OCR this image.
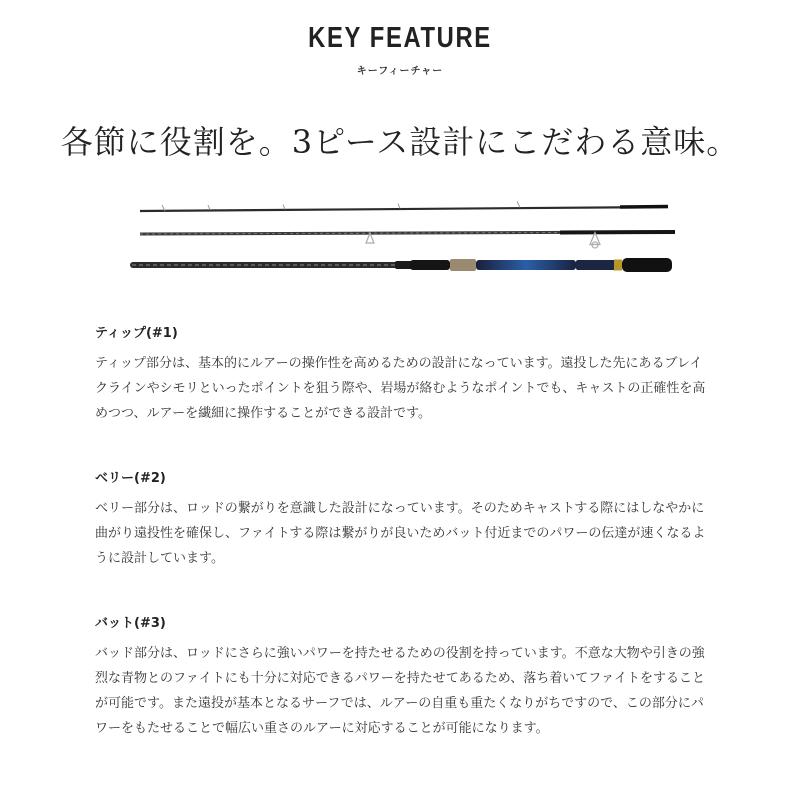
KEY FEATURE
キーフィーチャー
各節に役割を。3ピース設計にこだわる意味。

ティップ(#1)

ティップ部分は、基本的にルアーの操作性を高めるための設計になっています。遠投した先にあるブレイクラインやシモリといったポイントを狙う際や、岩場が絡むようなポイントでも、キャストの正確性を高めつつ、ルアーを繊細に操作することができる設計です。

ベリー(#2)

ベリー部分は、ロッドの繋がりを意識した設計になっています。そのためキャストする際にはしなやかに曲がり遠投性を確保し、ファイトする際は繋がりが良いためバット付近までのパワーの伝達が速くなるように設計しています。

バット(#3)

バッド部分は、ロッドにさらに強いパワーを持たせるための役割を持っています。不意な大物や引きの強烈な青物とのファイトにも十分に対応できるパワーを持たせてあるため、落ち着いてファイトをすることが可能です。また遠投が基本となるサーフでは、ルアーの自重も重たくなりがちですので、この部分にパワーをもたせることで幅広い重さのルアーに対応することが可能になります。
